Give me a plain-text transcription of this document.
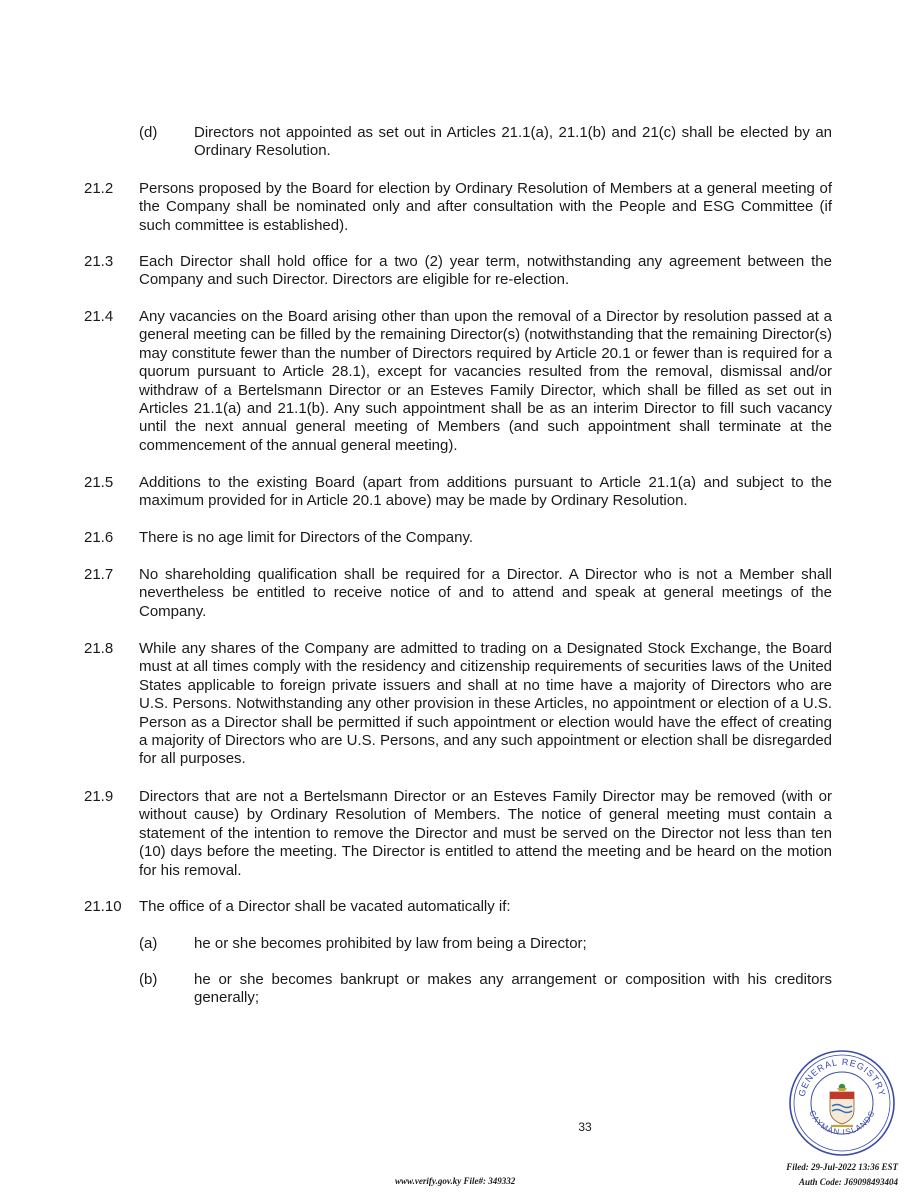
(d) Directors not appointed as set out in Articles 21.1(a), 21.1(b) and 21(c) shall be elected by an Ordinary Resolution.
21.2 Persons proposed by the Board for election by Ordinary Resolution of Members at a general meeting of the Company shall be nominated only and after consultation with the People and ESG Committee (if such committee is established).
21.3 Each Director shall hold office for a two (2) year term, notwithstanding any agreement between the Company and such Director. Directors are eligible for re-election.
21.4 Any vacancies on the Board arising other than upon the removal of a Director by resolution passed at a general meeting can be filled by the remaining Director(s) (notwithstanding that the remaining Director(s) may constitute fewer than the number of Directors required by Article 20.1 or fewer than is required for a quorum pursuant to Article 28.1), except for vacancies resulted from the removal, dismissal and/or withdraw of a Bertelsmann Director or an Esteves Family Director, which shall be filled as set out in Articles 21.1(a) and 21.1(b). Any such appointment shall be as an interim Director to fill such vacancy until the next annual general meeting of Members (and such appointment shall terminate at the commencement of the annual general meeting).
21.5 Additions to the existing Board (apart from additions pursuant to Article 21.1(a) and subject to the maximum provided for in Article 20.1 above) may be made by Ordinary Resolution.
21.6 There is no age limit for Directors of the Company.
21.7 No shareholding qualification shall be required for a Director. A Director who is not a Member shall nevertheless be entitled to receive notice of and to attend and speak at general meetings of the Company.
21.8 While any shares of the Company are admitted to trading on a Designated Stock Exchange, the Board must at all times comply with the residency and citizenship requirements of securities laws of the United States applicable to foreign private issuers and shall at no time have a majority of Directors who are U.S. Persons. Notwithstanding any other provision in these Articles, no appointment or election of a U.S. Person as a Director shall be permitted if such appointment or election would have the effect of creating a majority of Directors who are U.S. Persons, and any such appointment or election shall be disregarded for all purposes.
21.9 Directors that are not a Bertelsmann Director or an Esteves Family Director may be removed (with or without cause) by Ordinary Resolution of Members. The notice of general meeting must contain a statement of the intention to remove the Director and must be served on the Director not less than ten (10) days before the meeting. The Director is entitled to attend the meeting and be heard on the motion for his removal.
21.10 The office of a Director shall be vacated automatically if:
(a) he or she becomes prohibited by law from being a Director;
(b) he or she becomes bankrupt or makes any arrangement or composition with his creditors generally;
33
www.verify.gov.ky File#: 349332
Filed: 29-Jul-2022 13:36 EST
Auth Code: J69098493404
GENERAL REGISTRY
CAYMAN ISLANDS
